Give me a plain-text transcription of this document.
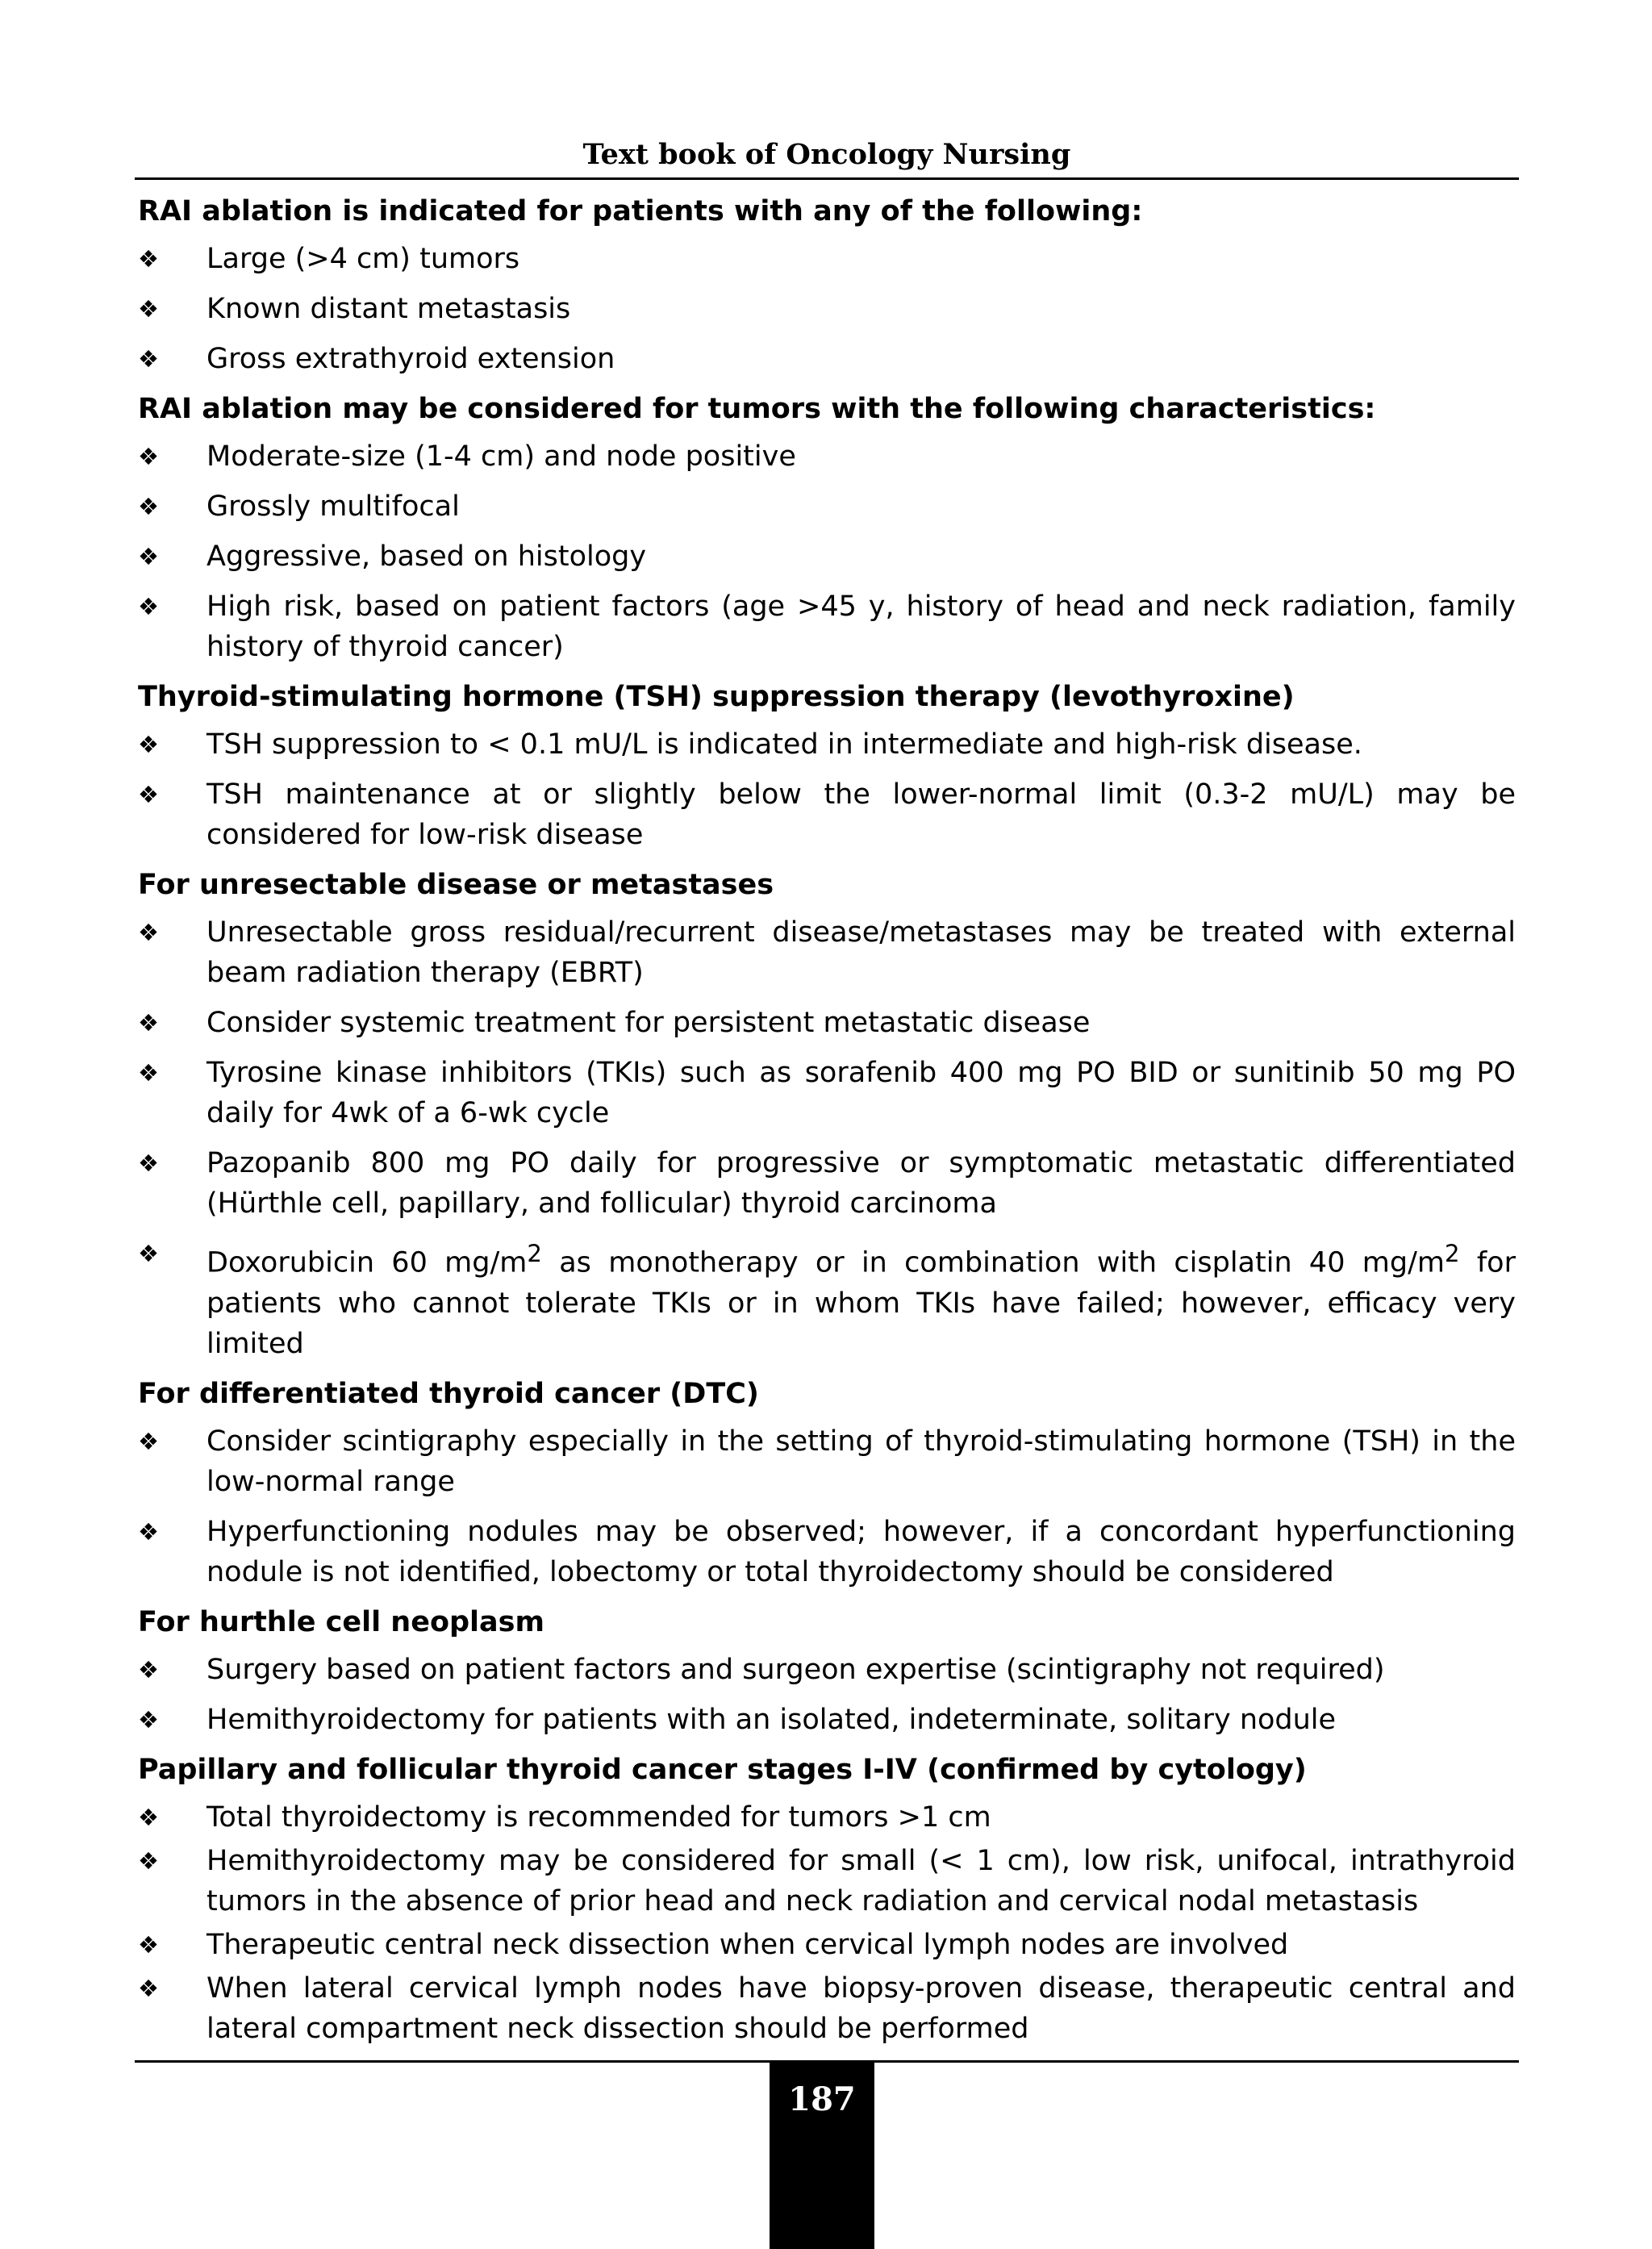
Text book of Oncology Nursing
RAI ablation is indicated for patients with any of the following:
❖ Large (>4 cm) tumors
❖ Known distant metastasis
❖ Gross extrathyroid extension
RAI ablation may be considered for tumors with the following characteristics:
❖ Moderate-size (1-4 cm) and node positive
❖ Grossly multifocal
❖ Aggressive, based on histology
❖ High risk, based on patient factors (age >45 y, history of head and neck radiation, family history of thyroid cancer)
Thyroid-stimulating hormone (TSH) suppression therapy (levothyroxine)
❖ TSH suppression to < 0.1 mU/L is indicated in intermediate and high-risk disease.
❖ TSH maintenance at or slightly below the lower-normal limit (0.3-2 mU/L) may be considered for low-risk disease
For unresectable disease or metastases
❖ Unresectable gross residual/recurrent disease/metastases may be treated with external beam radiation therapy (EBRT)
❖ Consider systemic treatment for persistent metastatic disease
❖ Tyrosine kinase inhibitors (TKIs) such as sorafenib 400 mg PO BID or sunitinib 50 mg PO daily for 4wk of a 6-wk cycle
❖ Pazopanib 800 mg PO daily for progressive or symptomatic metastatic differentiated (Hürthle cell, papillary, and follicular) thyroid carcinoma
❖ Doxorubicin 60 $mg/m^2$ as monotherapy or in combination with cisplatin 40 $mg/m^2$ for patients who cannot tolerate TKIs or in whom TKIs have failed; however, efficacy very limited
For differentiated thyroid cancer (DTC)
❖ Consider scintigraphy especially in the setting of thyroid-stimulating hormone (TSH) in the low-normal range
❖ Hyperfunctioning nodules may be observed; however, if a concordant hyperfunctioning nodule is not identified, lobectomy or total thyroidectomy should be considered
For hurthle cell neoplasm
❖ Surgery based on patient factors and surgeon expertise (scintigraphy not required)
❖ Hemithyroidectomy for patients with an isolated, indeterminate, solitary nodule
Papillary and follicular thyroid cancer stages I-IV (confirmed by cytology)
❖ Total thyroidectomy is recommended for tumors >1 cm
❖ Hemithyroidectomy may be considered for small (< 1 cm), low risk, unifocal, intrathyroid tumors in the absence of prior head and neck radiation and cervical nodal metastasis
❖ Therapeutic central neck dissection when cervical lymph nodes are involved
❖ When lateral cervical lymph nodes have biopsy-proven disease, therapeutic central and lateral compartment neck dissection should be performed
187
